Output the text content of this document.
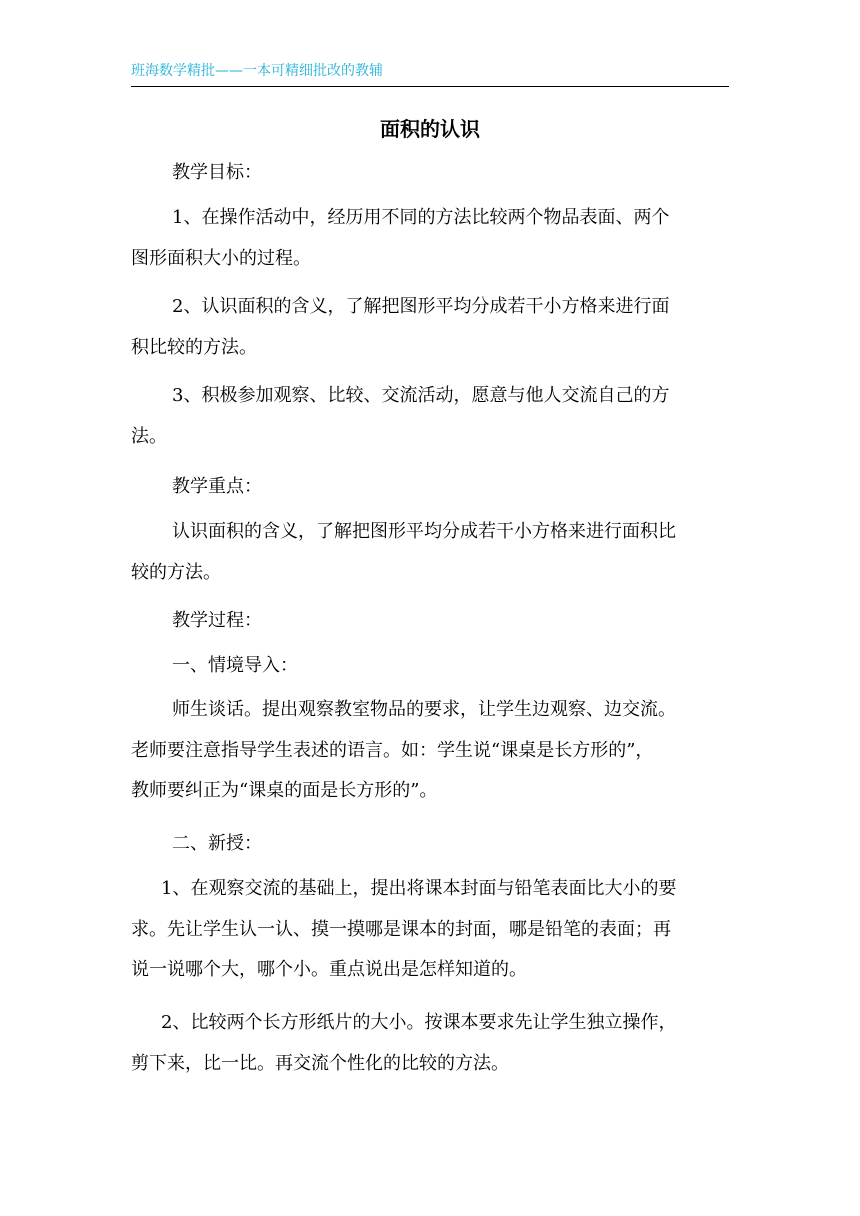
班海数学精批——一本可精细批改的教辅
面积的认识
教学目标：
1、在操作活动中，经历用不同的方法比较两个物品表面、两个
图形面积大小的过程。
2、认识面积的含义，了解把图形平均分成若干小方格来进行面
积比较的方法。
3、积极参加观察、比较、交流活动，愿意与他人交流自己的方
法。
教学重点：
认识面积的含义，了解把图形平均分成若干小方格来进行面积比
较的方法。
教学过程：
一、情境导入：
师生谈话。提出观察教室物品的要求，让学生边观察、边交流。
老师要注意指导学生表述的语言。如：学生说“课桌是长方形的”，
教师要纠正为“课桌的面是长方形的”。
二、新授：
1、在观察交流的基础上，提出将课本封面与铅笔表面比大小的要
求。先让学生认一认、摸一摸哪是课本的封面，哪是铅笔的表面；再
说一说哪个大，哪个小。重点说出是怎样知道的。
2、比较两个长方形纸片的大小。按课本要求先让学生独立操作，
剪下来，比一比。再交流个性化的比较的方法。
